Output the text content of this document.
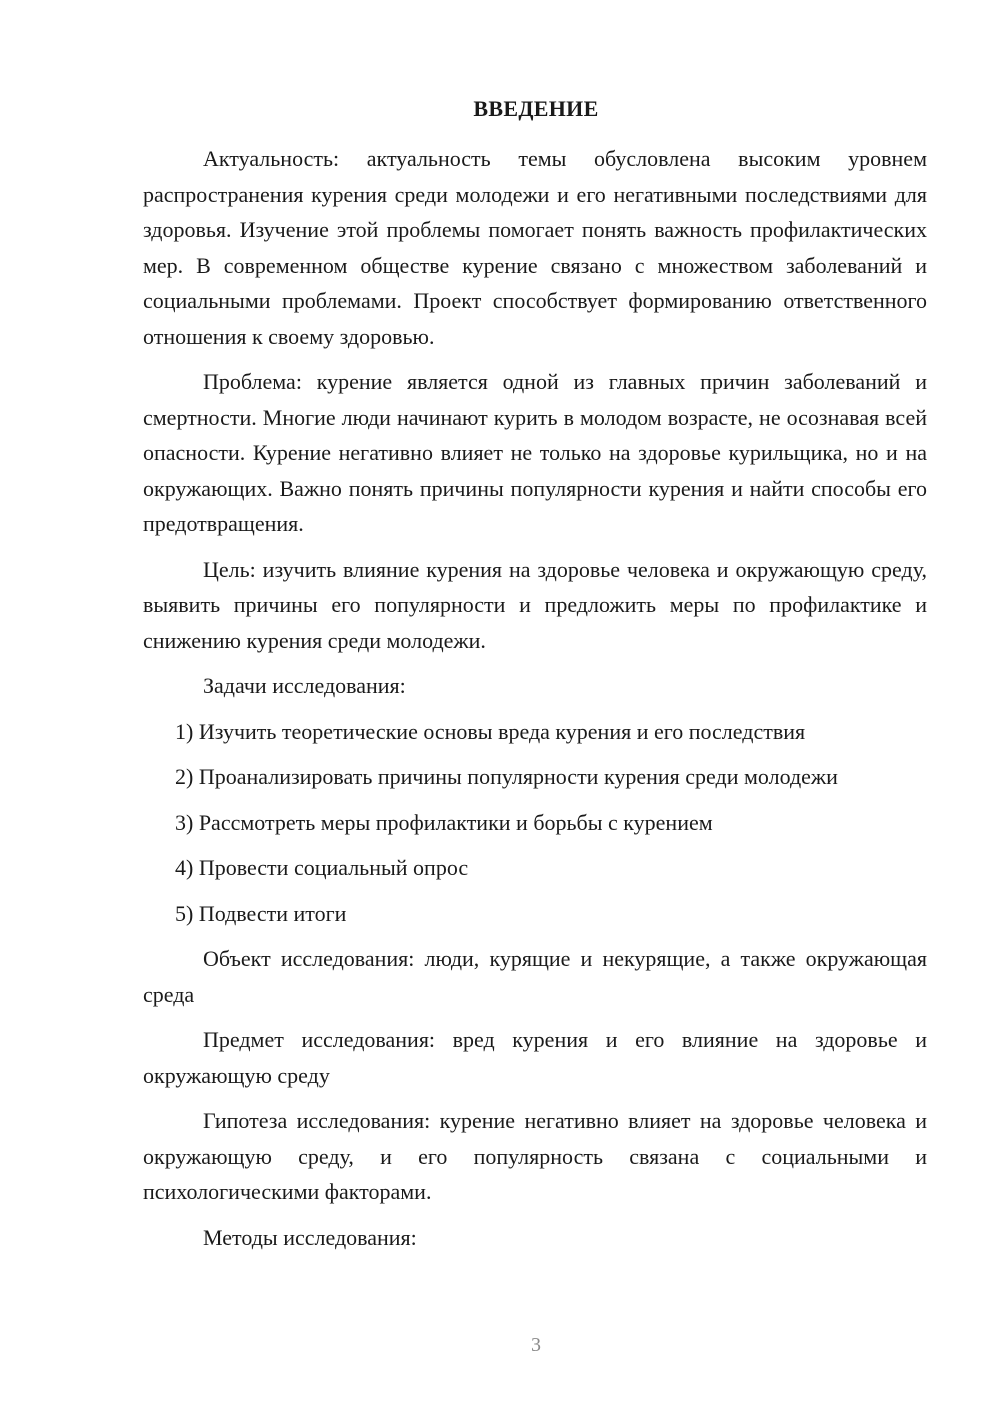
ВВЕДЕНИЕ

Актуальность: актуальность темы обусловлена высоким уровнем распространения курения среди молодежи и его негативными последствиями для здоровья. Изучение этой проблемы помогает понять важность профилактических мер. В современном обществе курение связано с множеством заболеваний и социальными проблемами. Проект способствует формированию ответственного отношения к своему здоровью.

Проблема: курение является одной из главных причин заболеваний и смертности. Многие люди начинают курить в молодом возрасте, не осознавая всей опасности. Курение негативно влияет не только на здоровье курильщика, но и на окружающих. Важно понять причины популярности курения и найти способы его предотвращения.

Цель: изучить влияние курения на здоровье человека и окружающую среду, выявить причины его популярности и предложить меры по профилактике и снижению курения среди молодежи.

Задачи исследования:

1) Изучить теоретические основы вреда курения и его последствия

2) Проанализировать причины популярности курения среди молодежи

3) Рассмотреть меры профилактики и борьбы с курением

4) Провести социальный опрос

5) Подвести итоги

Объект исследования: люди, курящие и некурящие, а также окружающая среда

Предмет исследования: вред курения и его влияние на здоровье и окружающую среду

Гипотеза исследования: курение негативно влияет на здоровье человека и окружающую среду, и его популярность связана с социальными и психологическими факторами.

Методы исследования:

3
